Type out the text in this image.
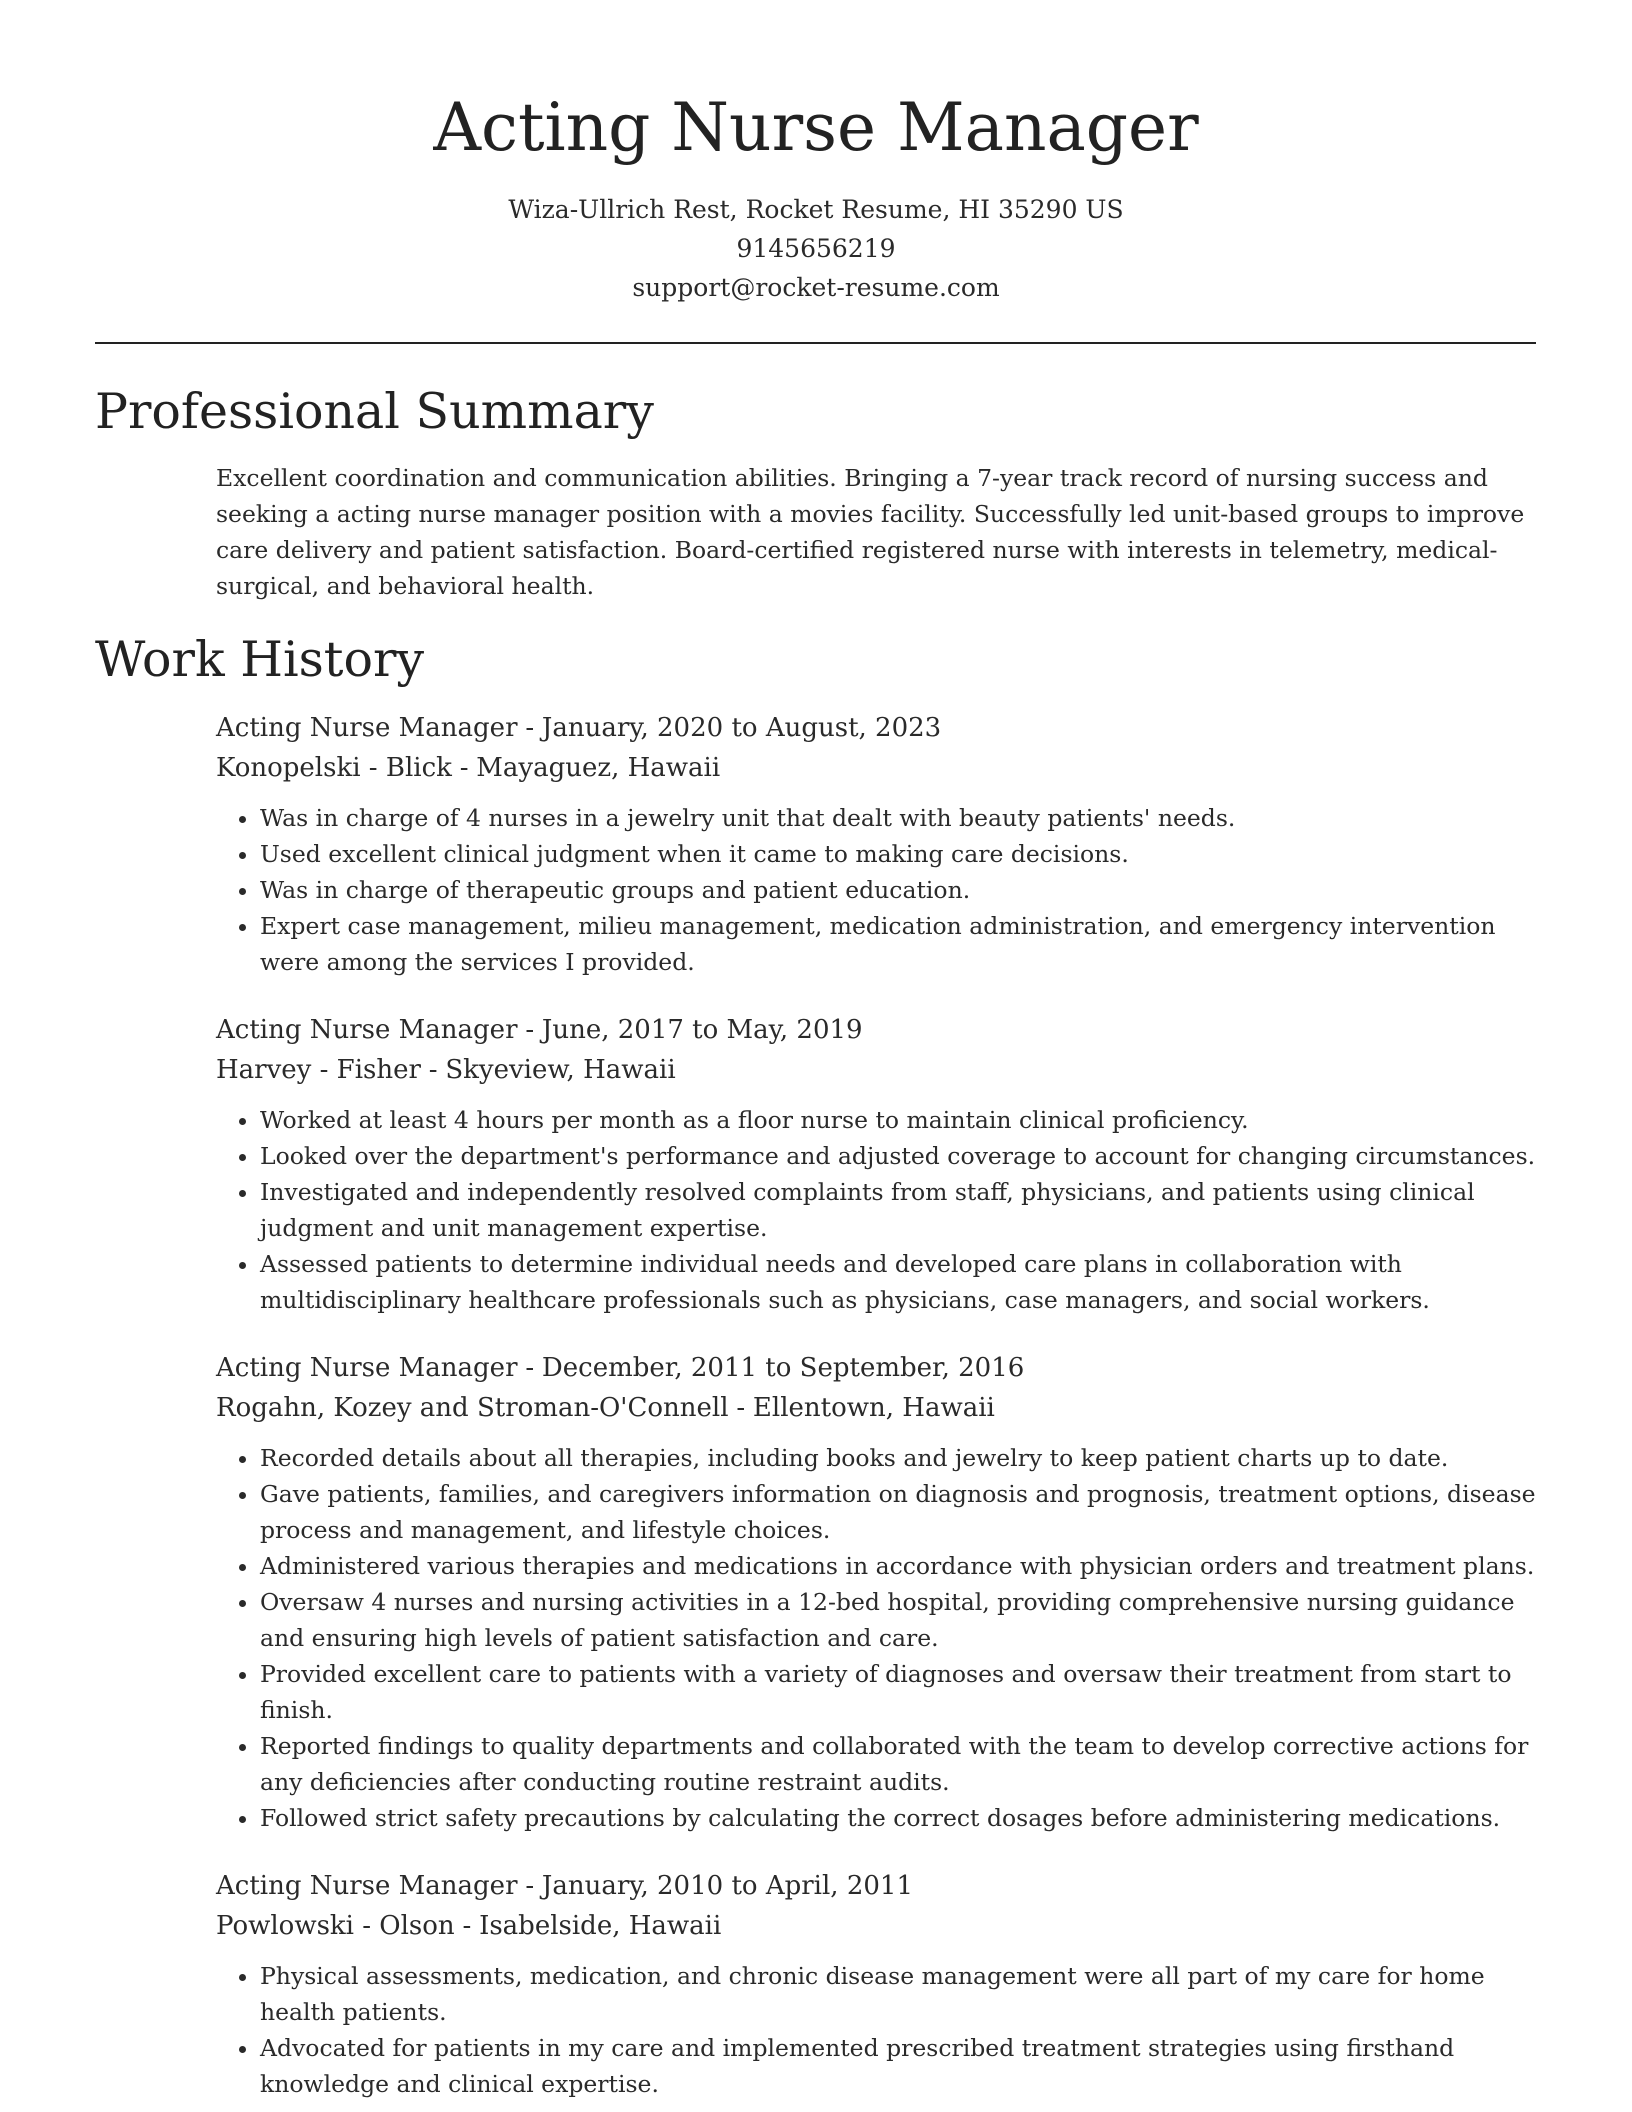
Acting Nurse Manager
Wiza-Ullrich Rest, Rocket Resume, HI 35290 US
9145656219
support@rocket-resume.com
Professional Summary

Excellent coordination and communication abilities. Bringing a 7-year track record of nursing success and seeking a acting nurse manager position with a movies facility. Successfully led unit-based groups to improve care delivery and patient satisfaction. Board-certified registered nurse with interests in telemetry, medical-surgical, and behavioral health.

Work History
Acting Nurse Manager - January, 2020 to August, 2023
Konopelski - Blick - Mayaguez, Hawaii
• Was in charge of 4 nurses in a jewelry unit that dealt with beauty patients' needs.
• Used excellent clinical judgment when it came to making care decisions.
• Was in charge of therapeutic groups and patient education.
• Expert case management, milieu management, medication administration, and emergency intervention were among the services I provided.
Acting Nurse Manager - June, 2017 to May, 2019
Harvey - Fisher - Skyeview, Hawaii
• Worked at least 4 hours per month as a floor nurse to maintain clinical proficiency.
• Looked over the department's performance and adjusted coverage to account for changing circumstances.
• Investigated and independently resolved complaints from staff, physicians, and patients using clinical judgment and unit management expertise.
• Assessed patients to determine individual needs and developed care plans in collaboration with multidisciplinary healthcare professionals such as physicians, case managers, and social workers.
Acting Nurse Manager - December, 2011 to September, 2016
Rogahn, Kozey and Stroman-O'Connell - Ellentown, Hawaii
• Recorded details about all therapies, including books and jewelry to keep patient charts up to date.
• Gave patients, families, and caregivers information on diagnosis and prognosis, treatment options, disease process and management, and lifestyle choices.
• Administered various therapies and medications in accordance with physician orders and treatment plans.
• Oversaw 4 nurses and nursing activities in a 12-bed hospital, providing comprehensive nursing guidance and ensuring high levels of patient satisfaction and care.
• Provided excellent care to patients with a variety of diagnoses and oversaw their treatment from start to finish.
• Reported findings to quality departments and collaborated with the team to develop corrective actions for any deficiencies after conducting routine restraint audits.
• Followed strict safety precautions by calculating the correct dosages before administering medications.
Acting Nurse Manager - January, 2010 to April, 2011
Powlowski - Olson - Isabelside, Hawaii
• Physical assessments, medication, and chronic disease management were all part of my care for home health patients.
• Advocated for patients in my care and implemented prescribed treatment strategies using firsthand knowledge and clinical expertise.
